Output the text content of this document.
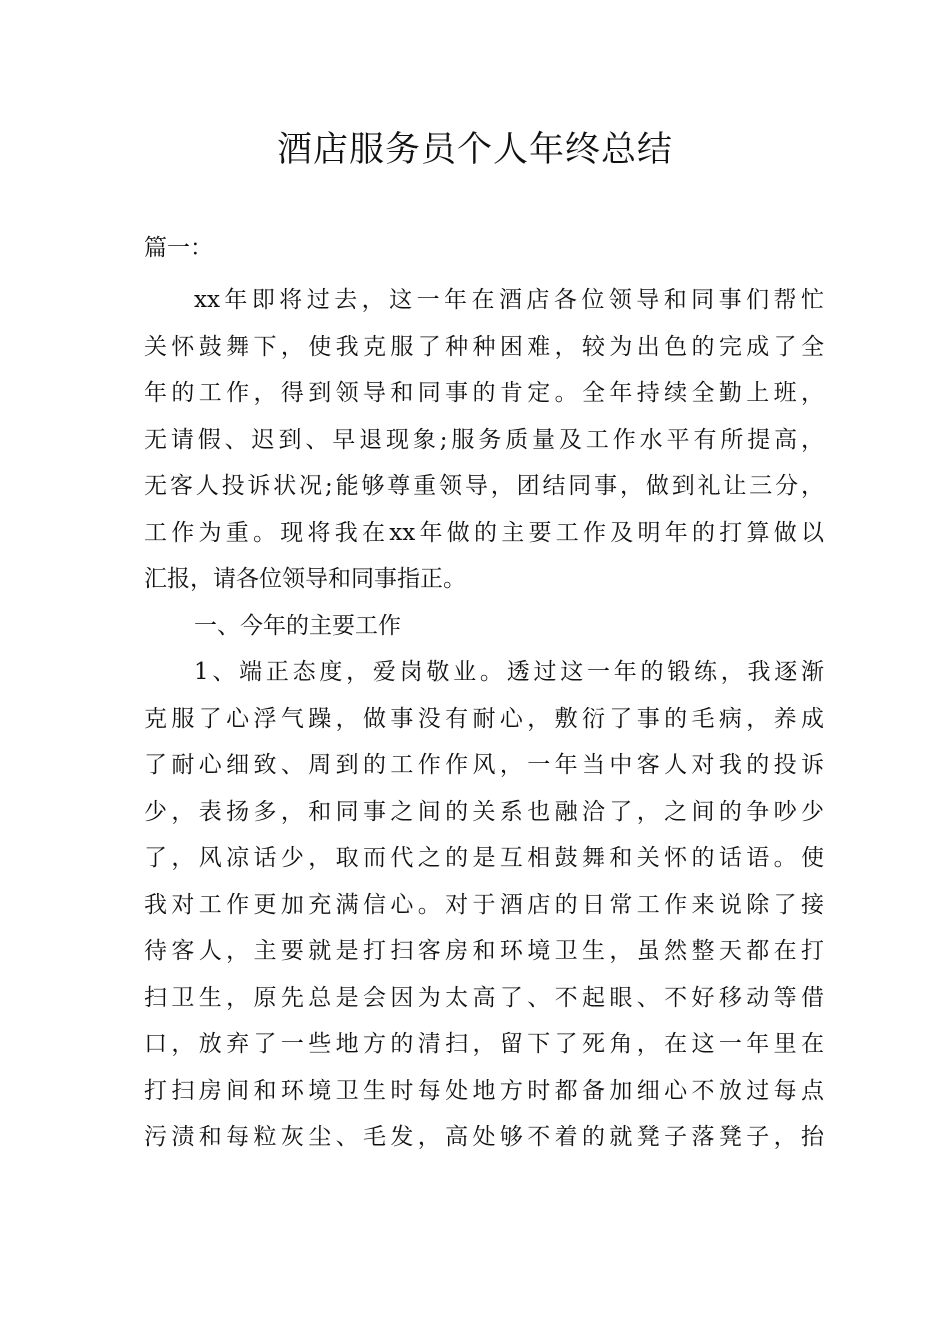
酒店服务员个人年终总结
篇一：
xx年即将过去，这一年在酒店各位领导和同事们帮忙
关怀鼓舞下，使我克服了种种困难，较为出色的完成了全
年的工作，得到领导和同事的肯定。全年持续全勤上班，
无请假、迟到、早退现象;服务质量及工作水平有所提高，
无客人投诉状况;能够尊重领导，团结同事，做到礼让三分，
工作为重。现将我在xx年做的主要工作及明年的打算做以
汇报，请各位领导和同事指正。
一、今年的主要工作
1、端正态度，爱岗敬业。透过这一年的锻练，我逐渐
克服了心浮气躁，做事没有耐心，敷衍了事的毛病，养成
了耐心细致、周到的工作作风，一年当中客人对我的投诉
少，表扬多，和同事之间的关系也融洽了，之间的争吵少
了，风凉话少，取而代之的是互相鼓舞和关怀的话语。使
我对工作更加充满信心。对于酒店的日常工作来说除了接
待客人，主要就是打扫客房和环境卫生，虽然整天都在打
扫卫生，原先总是会因为太高了、不起眼、不好移动等借
口，放弃了一些地方的清扫，留下了死角，在这一年里在
打扫房间和环境卫生时每处地方时都备加细心不放过每点
污渍和每粒灰尘、毛发，高处够不着的就凳子落凳子，抬
